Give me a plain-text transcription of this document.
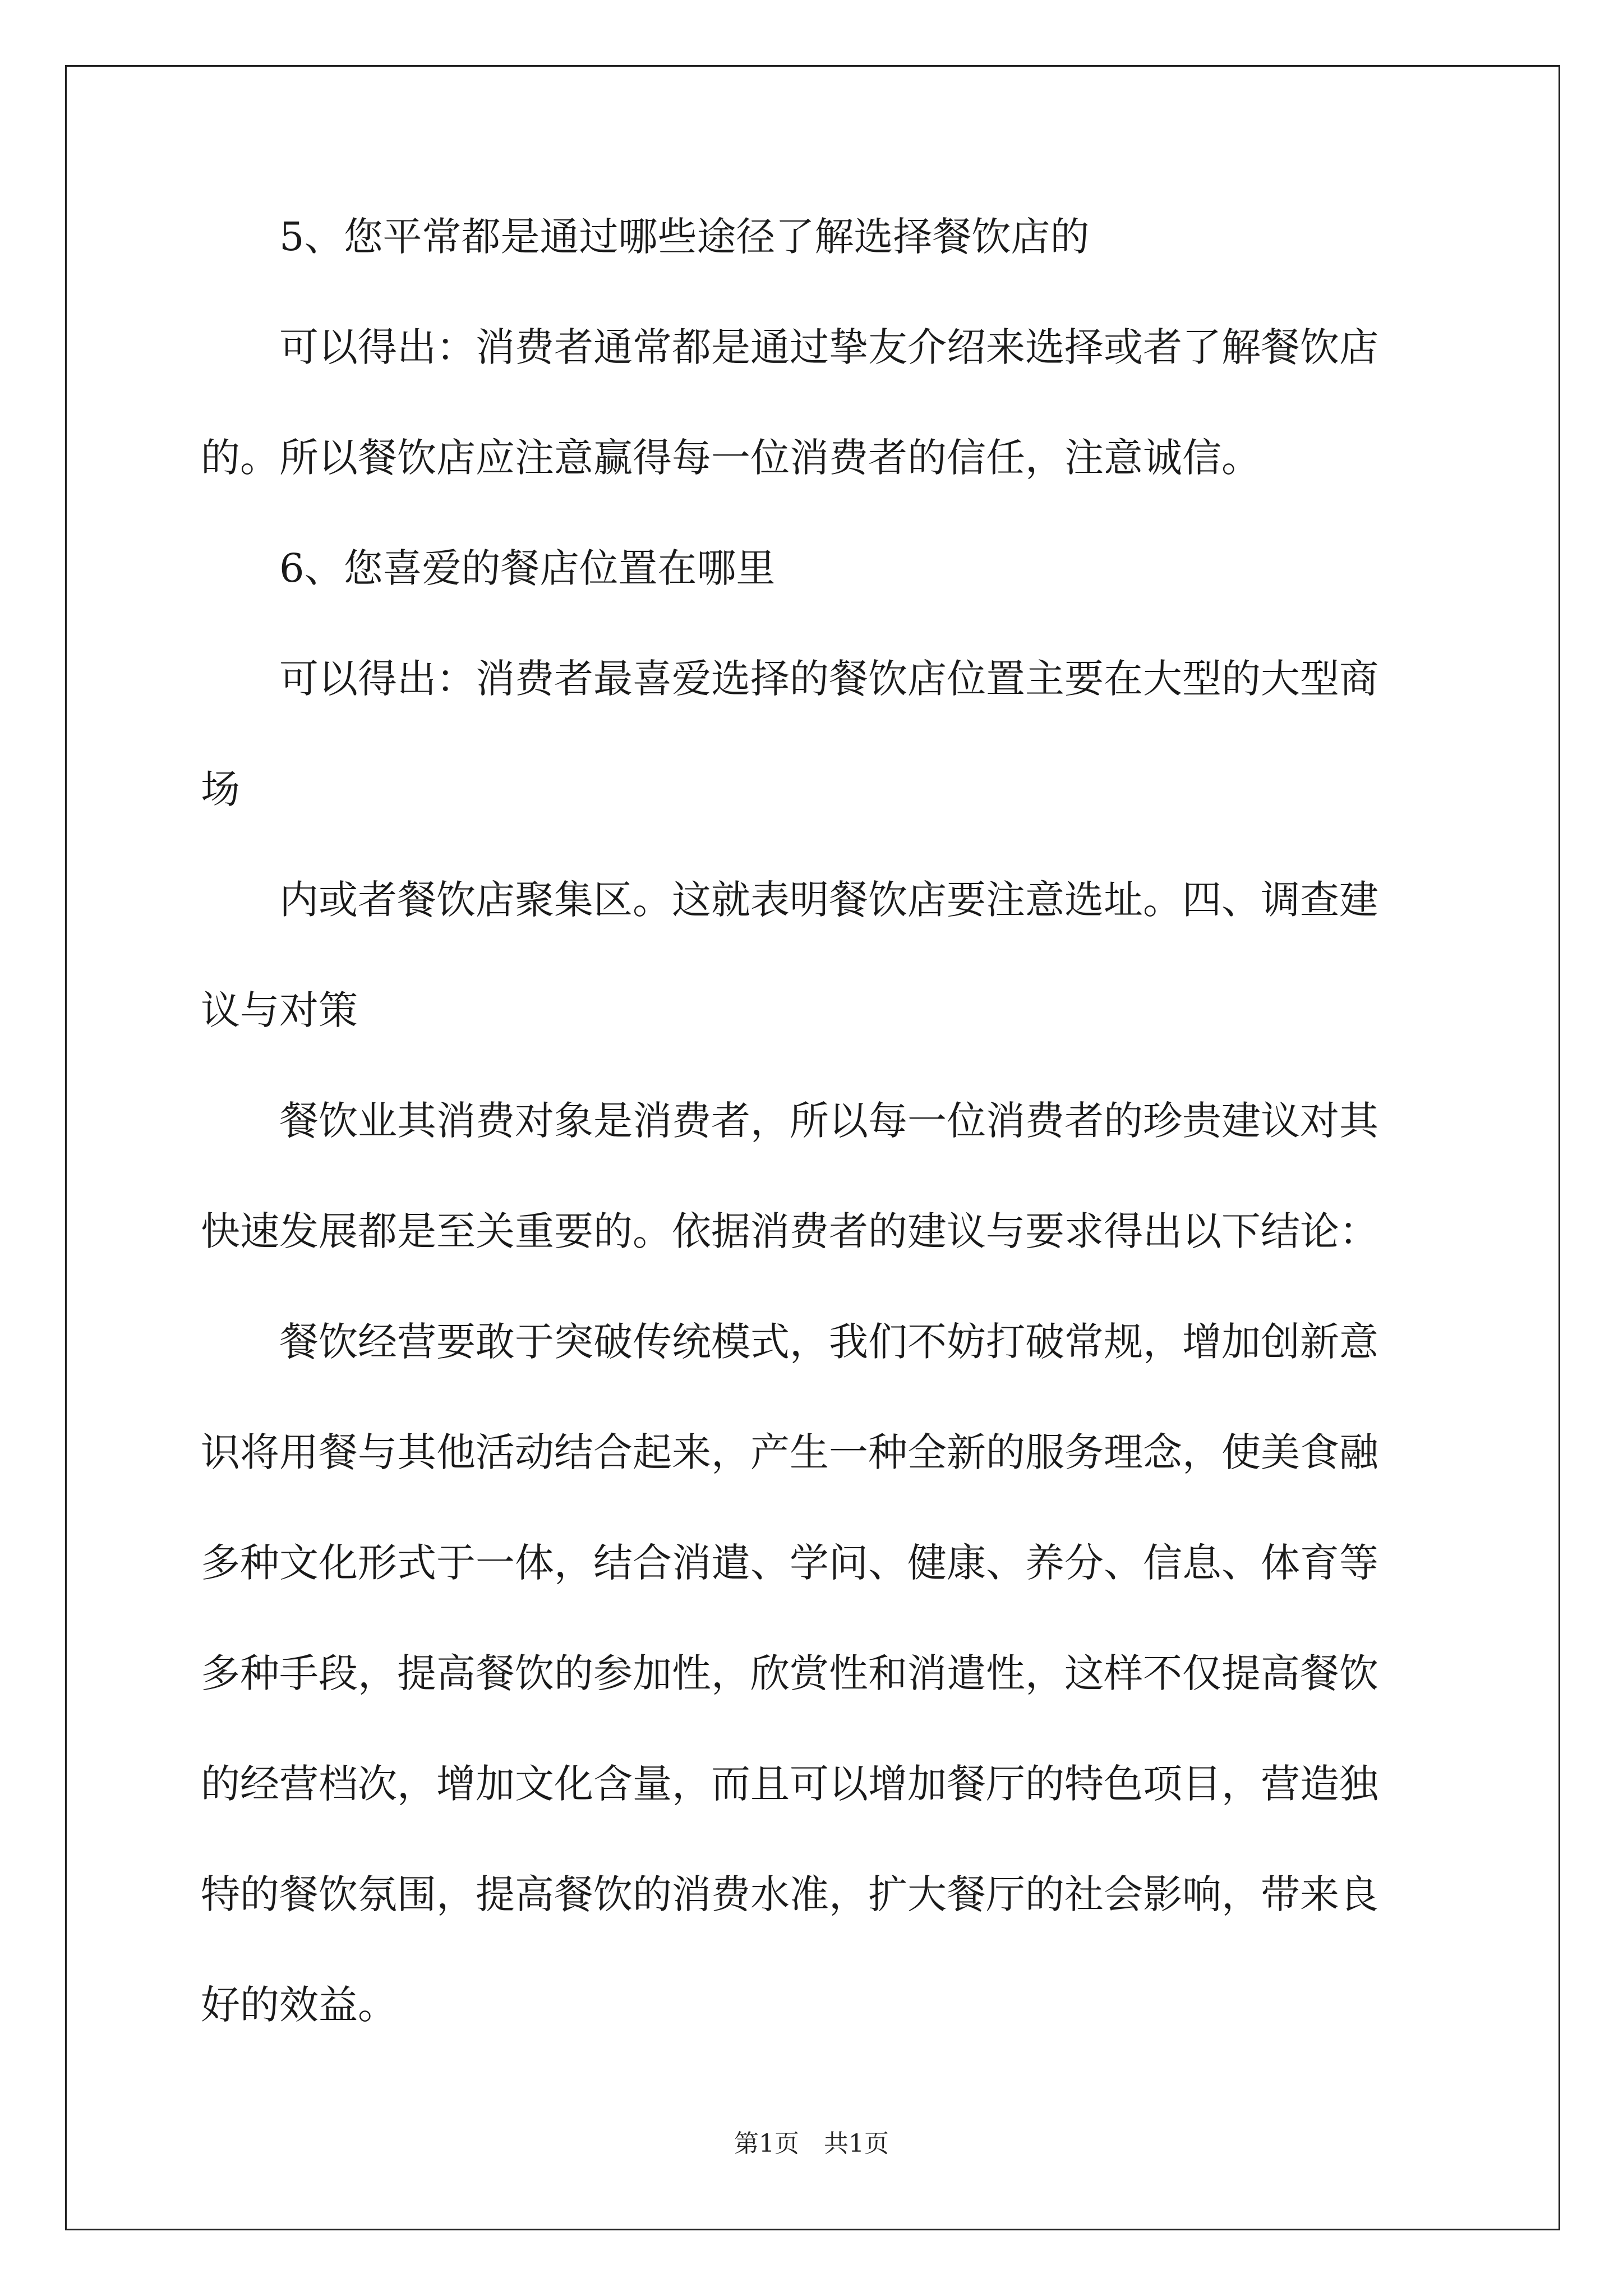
5、您平常都是通过哪些途径了解选择餐饮店的
可以得出：消费者通常都是通过挚友介绍来选择或者了解餐饮店
的。所以餐饮店应注意赢得每一位消费者的信任，注意诚信。
6、您喜爱的餐店位置在哪里
可以得出：消费者最喜爱选择的餐饮店位置主要在大型的大型商
场
内或者餐饮店聚集区。这就表明餐饮店要注意选址。四、调查建
议与对策
餐饮业其消费对象是消费者，所以每一位消费者的珍贵建议对其
快速发展都是至关重要的。依据消费者的建议与要求得出以下结论：
餐饮经营要敢于突破传统模式，我们不妨打破常规，增加创新意
识将用餐与其他活动结合起来，产生一种全新的服务理念，使美食融
多种文化形式于一体，结合消遣、学问、健康、养分、信息、体育等
多种手段，提高餐饮的参加性，欣赏性和消遣性，这样不仅提高餐饮
的经营档次，增加文化含量，而且可以增加餐厅的特色项目，营造独
特的餐饮氛围，提高餐饮的消费水准，扩大餐厅的社会影响，带来良
好的效益。
第1页 共1页
